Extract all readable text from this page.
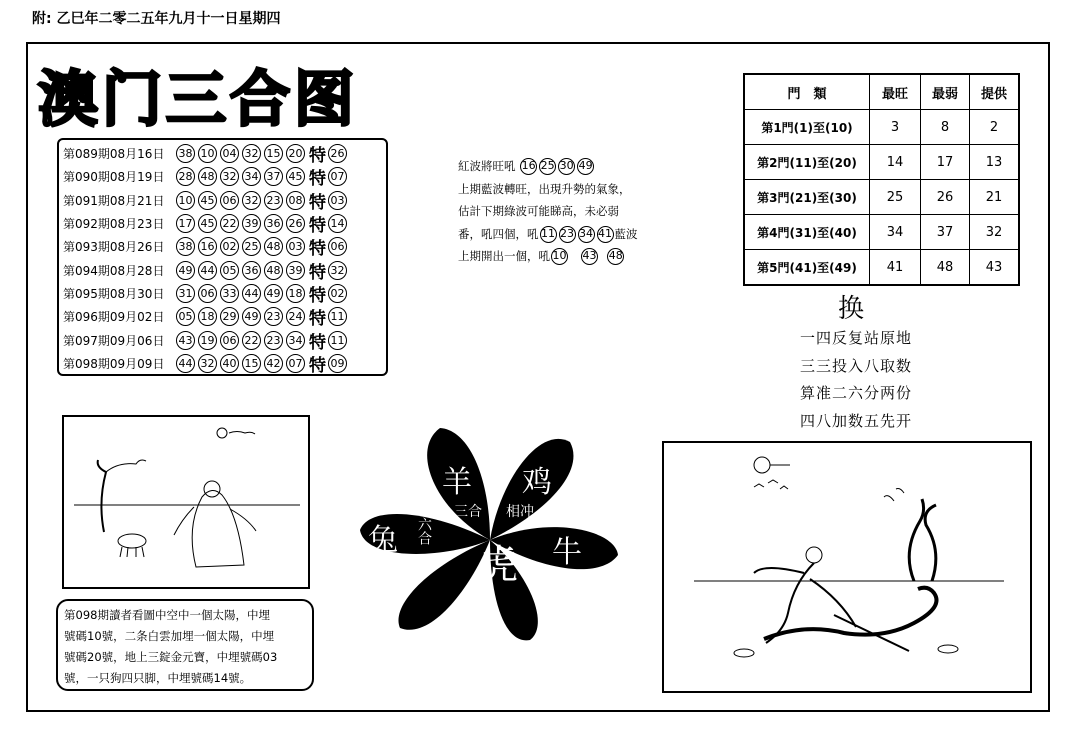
附: 乙巳年二零二五年九月十一日星期四
澳门三合图
第089期08月16日	38 10 04 32 15 20 特 26
第090期08月19日	28 48 32 34 37 45 特 07
第091期08月21日	10 45 06 32 23 08 特 03
第092期08月23日	17 45 22 39 36 26 特 14
第093期08月26日	38 16 02 25 48 03 特 06
第094期08月28日	49 44 05 36 48 39 特 32
第095期08月30日	31 06 33 44 49 18 特 02
第096期09月02日	05 18 29 49 23 24 特 11
第097期09月06日	43 19 06 22 23 34 特 11
第098期09月09日	44 32 40 15 42 07 特 09
紅波將旺吼 16 25 30 49
上期藍波轉旺，出現升勢的氣象，
估計下期綠波可能睇高，未必弱
番，吼四個，吼 11 23 34 41 藍波
上期開出一個，吼 10 43 48
門　類	最旺	最弱	提供
第1門(1)至(10)	3	8	2
第2門(11)至(20)	14	17	13
第3門(21)至(30)	25	26	21
第4門(31)至(40)	34	37	32
第5門(41)至(49)	41	48	43
换
一四反复站原地
三三投入八取数
算准二六分两份
四八加数五先开
第098期讀者看圖中空中一個太陽，中埋
號碼10號，二条白雲加埋一個太陽，中埋
號碼20號，地上三錠金元寶，中埋號碼03
號，一只狗四只脚，中埋號碼14號。
羊 鸡
兔
虎 牛
三合 相冲
六合
